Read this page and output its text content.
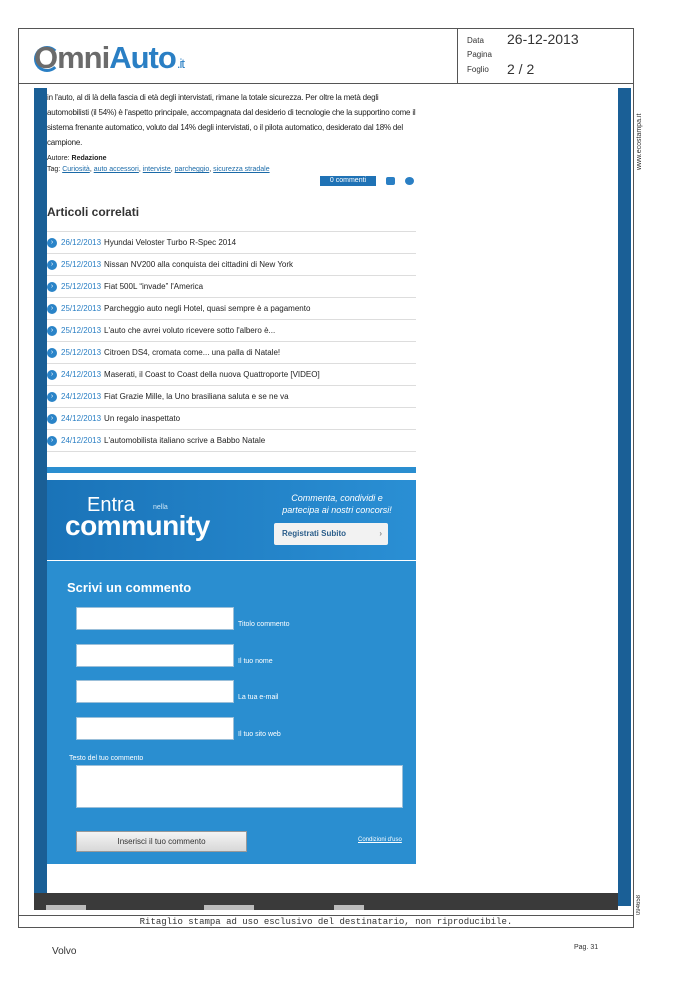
OmniAuto.it
Data 26-12-2013
Pagina
Foglio 2 / 2
www.ecostampa.it
094658
in l'auto, al di là della fascia di età degli intervistati, rimane la totale sicurezza. Per oltre la metà degli automobilisti (il 54%) è l'aspetto principale, accompagnata dal desiderio di tecnologie che la supportino come il sistema frenante automatico, voluto dal 14% degli intervistati, o il pilota automatico, desiderato dal 18% del campione.
Autore: Redazione
Tag: Curiosità, auto accessori, interviste, parcheggio, sicurezza stradale
0 commenti
Articoli correlati
› 26/12/2013 Hyundai Veloster Turbo R-Spec 2014
› 25/12/2013 Nissan NV200 alla conquista dei cittadini di New York
› 25/12/2013 Fiat 500L “invade” l'America
› 25/12/2013 Parcheggio auto negli Hotel, quasi sempre è a pagamento
› 25/12/2013 L'auto che avrei voluto ricevere sotto l'albero è...
› 25/12/2013 Citroen DS4, cromata come... una palla di Natale!
› 24/12/2013 Maserati, il Coast to Coast della nuova Quattroporte [VIDEO]
› 24/12/2013 Fiat Grazie Mille, la Uno brasiliana saluta e se ne va
› 24/12/2013 Un regalo inaspettato
› 24/12/2013 L'automobilista italiano scrive a Babbo Natale
Entra	nella
community
Commenta, condividi e partecipa ai nostri concorsi!
Registrati Subito	›
Scrivi un commento
Titolo commento
Il tuo nome
La tua e-mail
Il tuo sito web
Testo del tuo commento
Inserisci il tuo commento	Condizioni d'uso
Ritaglio stampa ad uso esclusivo del destinatario, non riproducibile.
Volvo	Pag. 31
